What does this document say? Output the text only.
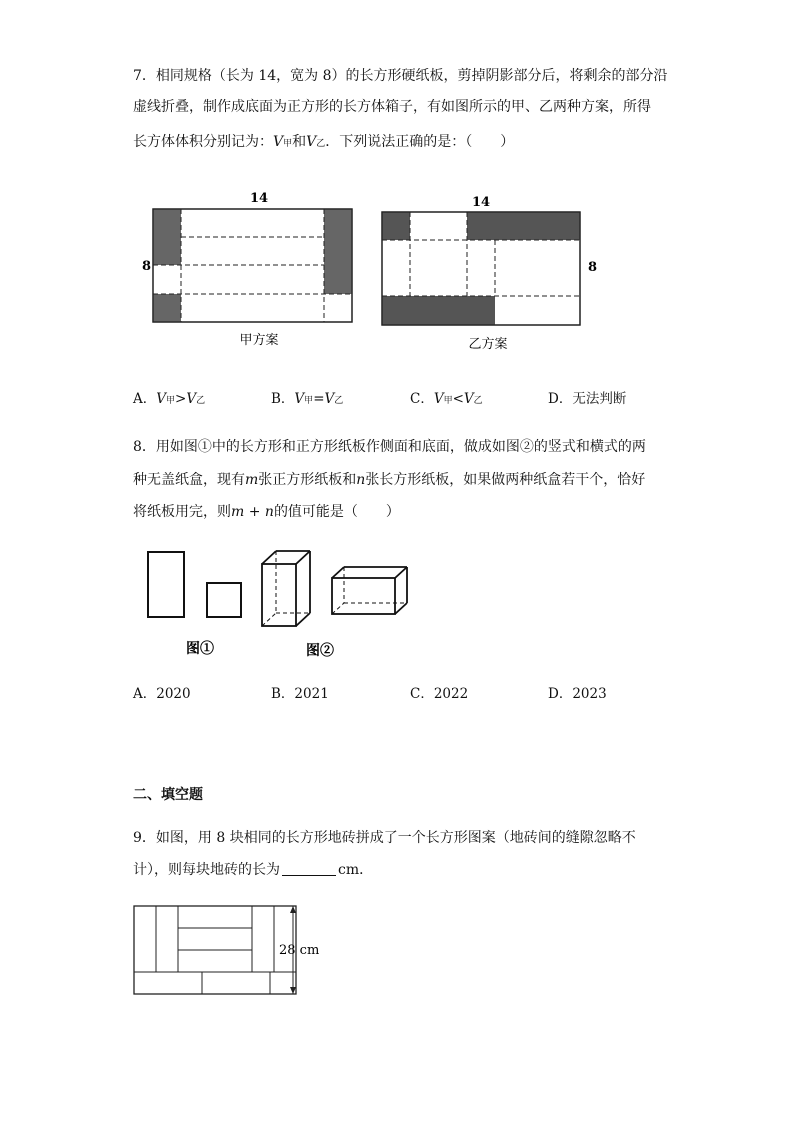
7．相同规格（长为 14，宽为 8）的长方形硬纸板，剪掉阴影部分后，将剩余的部分沿
虚线折叠，制作成底面为正方形的长方体箱子，有如图所示的甲、乙两种方案，所得
长方体体积分别记为：V甲和V乙．下列说法正确的是：（　　）
14
8
甲方案
14
8
乙方案
A．V甲>V乙	B．V甲=V乙	C．V甲<V乙	D．无法判断
8．用如图①中的长方形和正方形纸板作侧面和底面，做成如图②的竖式和横式的两
种无盖纸盒，现有m张正方形纸板和n张长方形纸板，如果做两种纸盒若干个，恰好
将纸板用完，则m + n的值可能是（　　）
图①	图②
A．2020	B．2021	C．2022	D．2023
二、填空题
9．如图，用 8 块相同的长方形地砖拼成了一个长方形图案（地砖间的缝隙忽略不
计），则每块地砖的长为	cm．
28 cm
